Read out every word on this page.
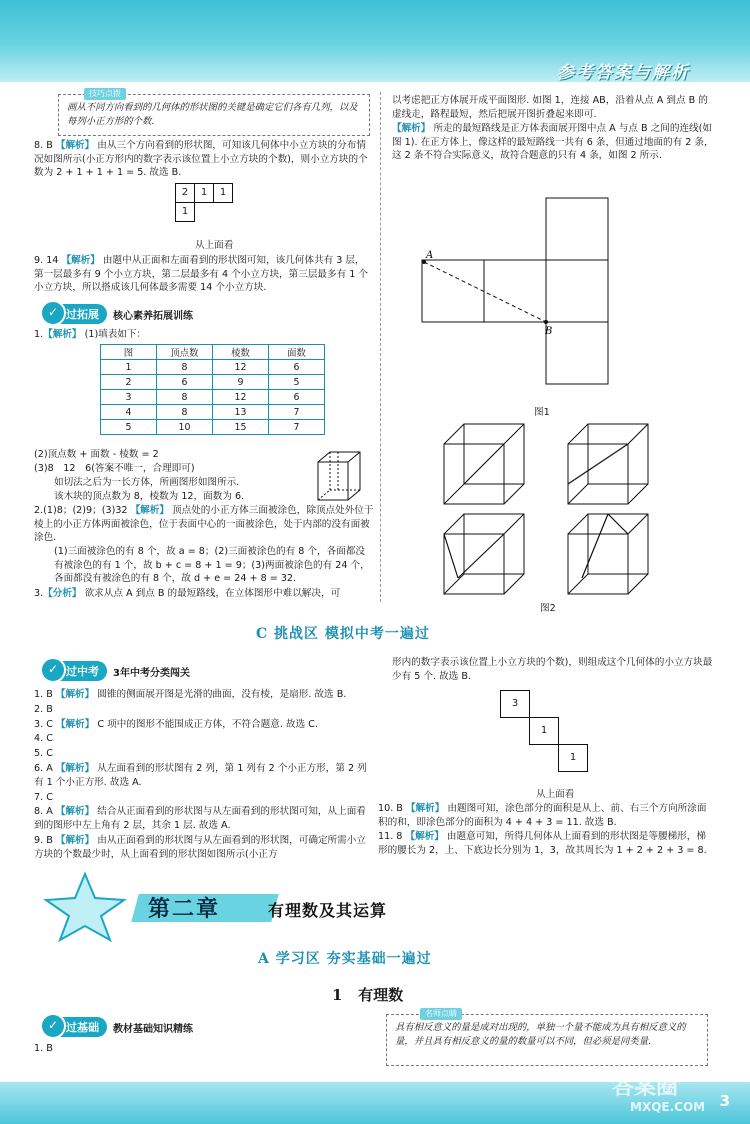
参考答案与解析
画从不同方向看到的几何体的形状图的关键是确定它们各有几列，以及每列小正方形的个数.
技巧点拨
8. B 【解析】 由从三个方向看到的形状图，可知该几何体中小立方块的分布情况如图所示(小正方形内的数字表示该位置上小立方块的个数)，则小立方块的个数为 2 + 1 + 1 + 1 = 5. 故选 B.
2	1	1
1
从上面看
9. 14 【解析】 由题中从正面和左面看到的形状图可知，该几何体共有 3 层，第一层最多有 9 个小立方块，第二层最多有 4 个小立方块，第三层最多有 1 个小立方块，所以搭成该几何体最多需要 14 个小立方块.
✓ 过拓展	核心素养拓展训练
1.【解析】 (1)填表如下：
图	顶点数	棱数	面数
1	8	12	6
2	6	9	5
3	8	12	6
4	8	13	7
5	10	15	7
(2)顶点数 + 面数 - 棱数 = 2
(3)8　12　6(答案不唯一，合理即可)
如切法之后为一长方体，所画图形如图所示.
该木块的顶点数为 8，棱数为 12，面数为 6.
2.(1)8；(2)9；(3)32 【解析】 顶点处的小正方体三面被涂色，除顶点处外位于棱上的小正方体两面被涂色，位于表面中心的一面被涂色，处于内部的没有面被涂色.
(1)三面被涂色的有 8 个，故 a = 8；(2)三面被涂色的有 8 个，各面都没有被涂色的有 1 个，故 b + c = 8 + 1 = 9；(3)两面被涂色的有 24 个，各面都没有被涂色的有 8 个，故 d + e = 24 + 8 = 32.
3.【分析】 欲求从点 A 到点 B 的最短路线，在立体图形中难以解决，可
以考虑把正方体展开成平面图形. 如图 1，连接 AB，沿着从点 A 到点 B 的虚线走，路程最短，然后把展开图折叠起来即可.
【解析】 所走的最短路线是正方体表面展开图中点 A 与点 B 之间的连线(如图 1). 在正方体上，像这样的最短路线一共有 6 条，但通过地面的有 2 条，这 2 条不符合实际意义，故符合题意的只有 4 条，如图 2 所示.
A
B
图1
图2
C 挑战区 模拟中考一遍过
✓ 过中考	3年中考分类闯关
1. B 【解析】 圆锥的侧面展开图是光滑的曲面，没有棱，是扇形. 故选 B.
2. B
3. C 【解析】 C 项中的图形不能围成正方体，不符合题意. 故选 C.
4. C
5. C
6. A 【解析】 从左面看到的形状图有 2 列，第 1 列有 2 个小正方形，第 2 列有 1 个小正方形. 故选 A.
7. C
8. A 【解析】 结合从正面看到的形状图与从左面看到的形状图可知，从上面看到的图形中左上角有 2 层，其余 1 层. 故选 A.
9. B 【解析】 由从正面看到的形状图与从左面看到的形状图，可确定所需小立方块的个数最少时，从上面看到的形状图如图所示(小正方
形内的数字表示该位置上小立方块的个数)，则组成这个几何体的小立方块最少有 5 个. 故选 B.
3
1
1
从上面看
10. B 【解析】 由题图可知，涂色部分的面积是从上、前、右三个方向所涂面积的和，即涂色部分的面积为 4 + 4 + 3 = 11. 故选 B.
11. 8 【解析】 由题意可知，所得几何体从上面看到的形状图是等腰梯形，梯形的腰长为 2，上、下底边长分别为 1，3，故其周长为 1 + 2 + 2 + 3 = 8.
第二章	有理数及其运算
A 学习区 夯实基础一遍过
1 有理数
✓ 过基础	教材基础知识精练
1. B
具有相反意义的量是成对出现的，单独一个量不能成为具有相反意义的量，并且具有相反意义的量的数量可以不同，但必须是同类量.
名师点睛
答案圈
MXQE.COM 3
